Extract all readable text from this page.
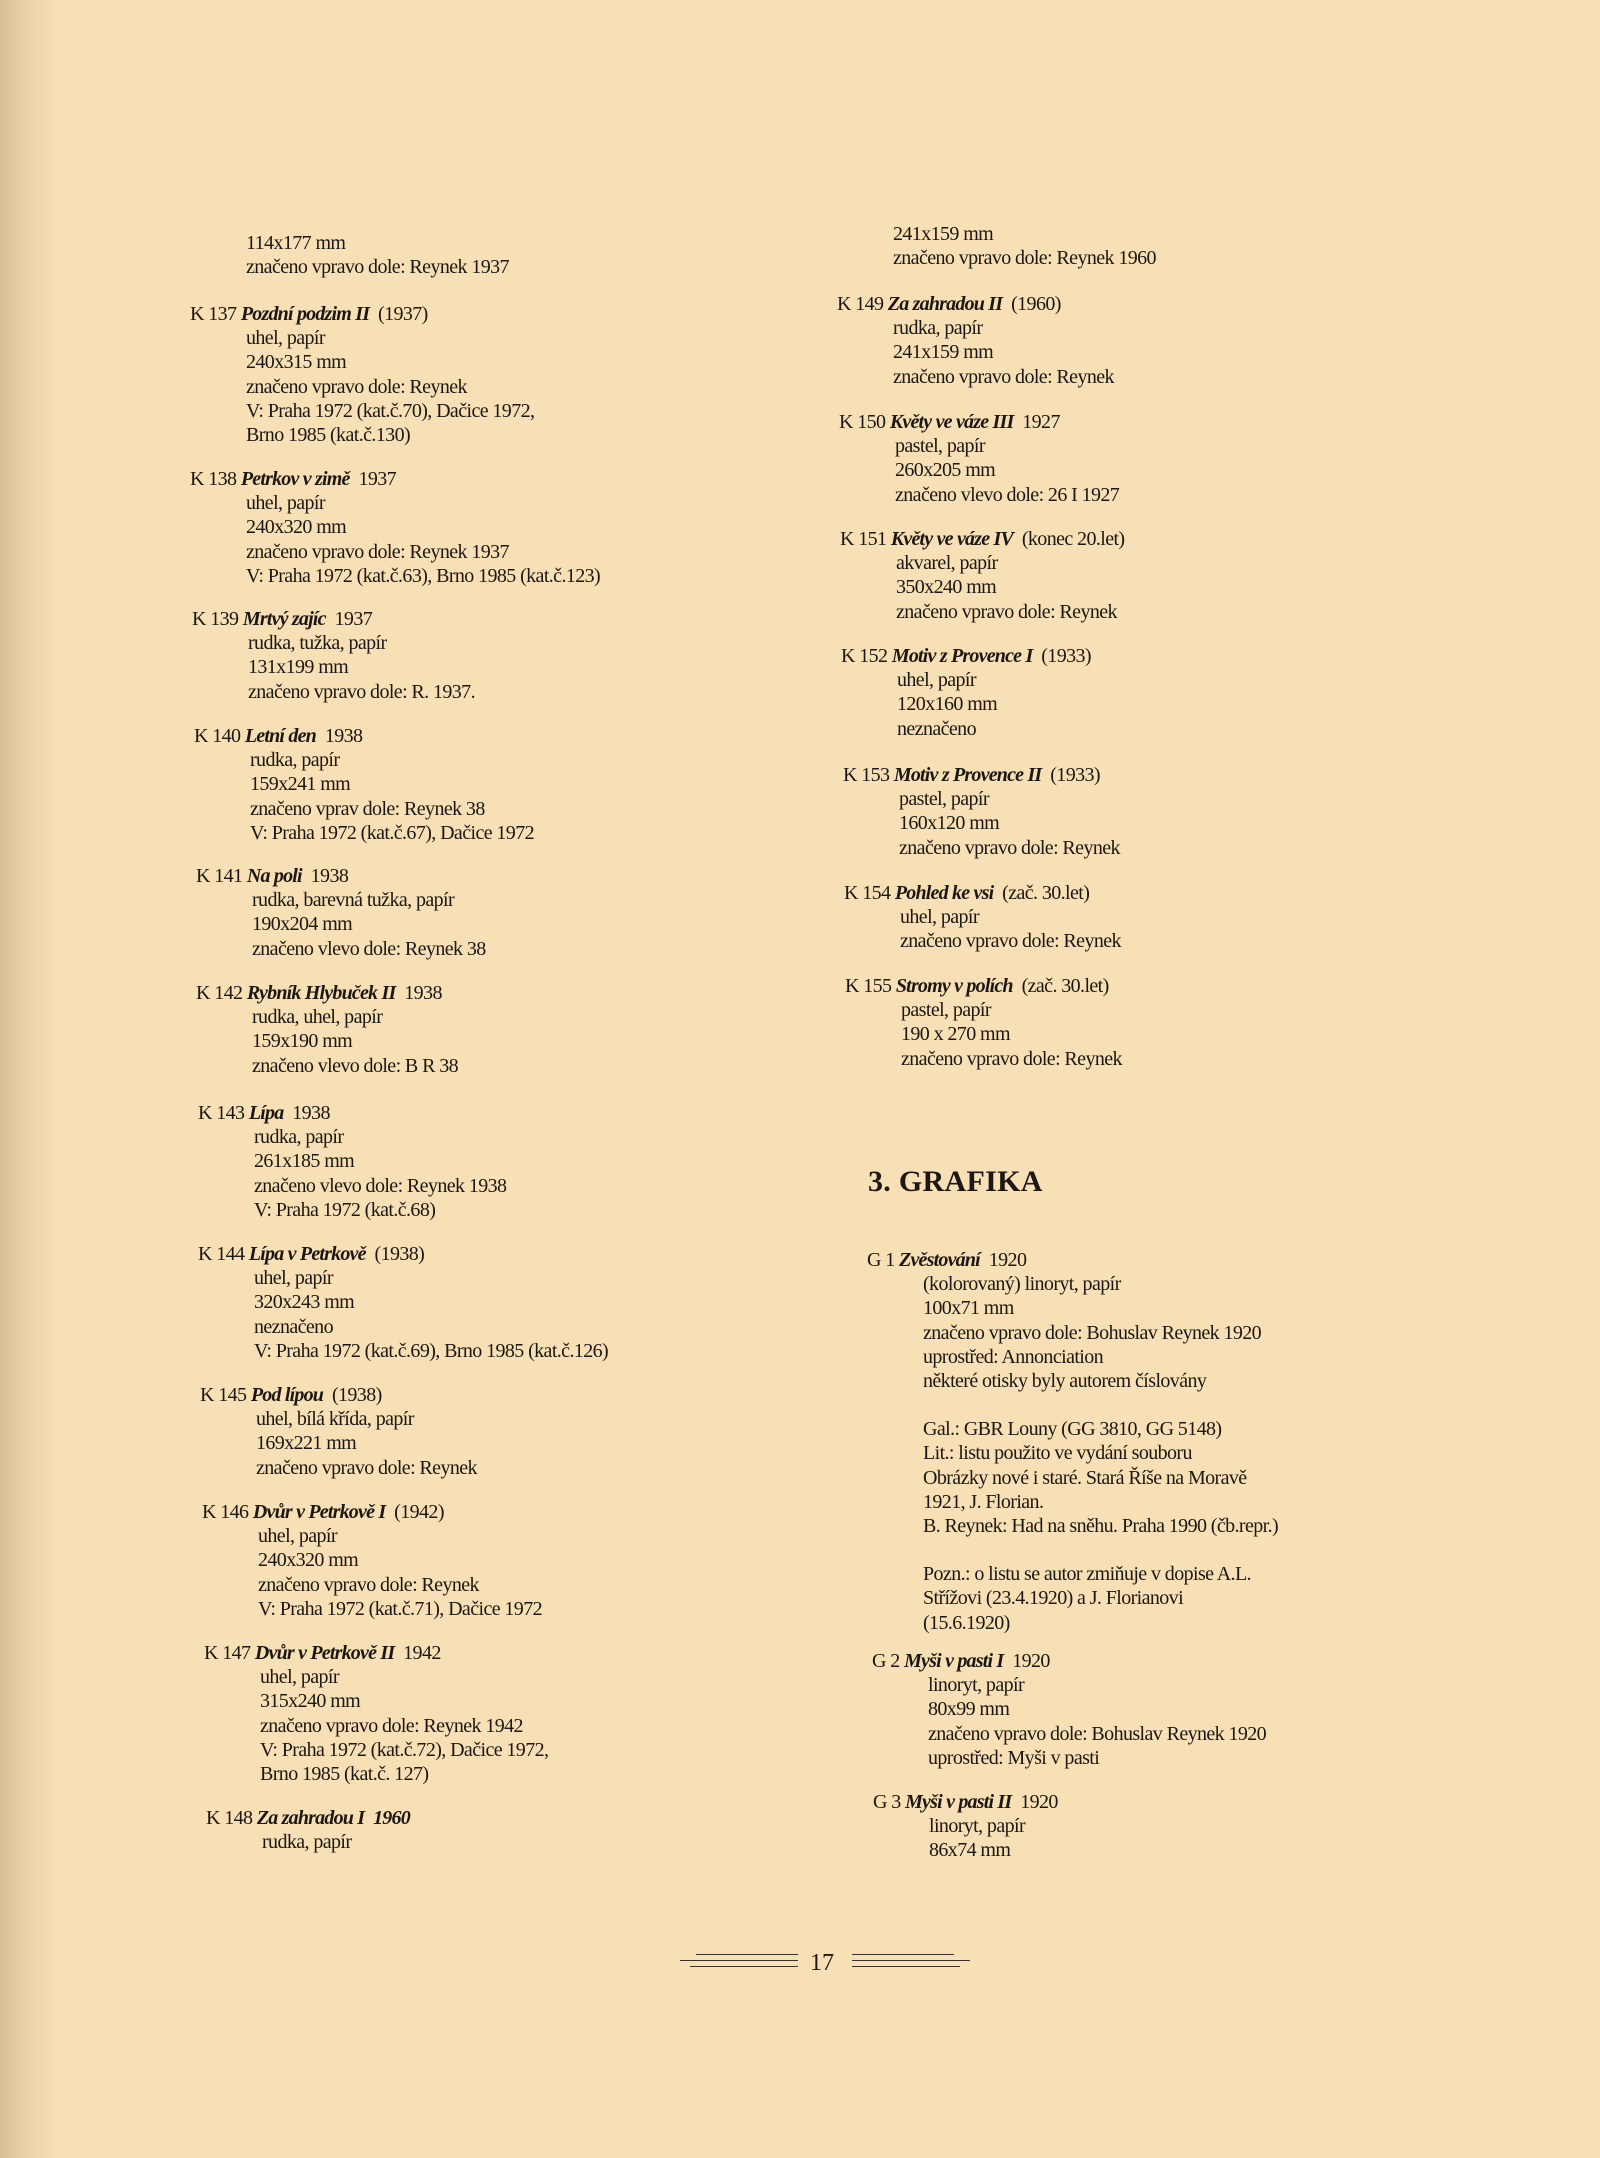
114x177 mm
značeno vpravo dole: Reynek 1937
K 137 Pozdní podzim II (1937)
uhel, papír
240x315 mm
značeno vpravo dole: Reynek
V: Praha 1972 (kat.č.70), Dačice 1972,
Brno 1985 (kat.č.130)
K 138 Petrkov v zimě 1937
uhel, papír
240x320 mm
značeno vpravo dole: Reynek 1937
V: Praha 1972 (kat.č.63), Brno 1985 (kat.č.123)
K 139 Mrtvý zajíc 1937
rudka, tužka, papír
131x199 mm
značeno vpravo dole: R. 1937.
K 140 Letní den 1938
rudka, papír
159x241 mm
značeno vprav dole: Reynek 38
V: Praha 1972 (kat.č.67), Dačice 1972
K 141 Na poli 1938
rudka, barevná tužka, papír
190x204 mm
značeno vlevo dole: Reynek 38
K 142 Rybník Hlybuček II 1938
rudka, uhel, papír
159x190 mm
značeno vlevo dole: B R 38
K 143 Lípa 1938
rudka, papír
261x185 mm
značeno vlevo dole: Reynek 1938
V: Praha 1972 (kat.č.68)
K 144 Lípa v Petrkově (1938)
uhel, papír
320x243 mm
neznačeno
V: Praha 1972 (kat.č.69), Brno 1985 (kat.č.126)
K 145 Pod lípou (1938)
uhel, bílá křída, papír
169x221 mm
značeno vpravo dole: Reynek
K 146 Dvůr v Petrkově I (1942)
uhel, papír
240x320 mm
značeno vpravo dole: Reynek
V: Praha 1972 (kat.č.71), Dačice 1972
K 147 Dvůr v Petrkově II 1942
uhel, papír
315x240 mm
značeno vpravo dole: Reynek 1942
V: Praha 1972 (kat.č.72), Dačice 1972,
Brno 1985 (kat.č. 127)
K 148 Za zahradou I 1960
rudka, papír
241x159 mm
značeno vpravo dole: Reynek 1960
K 149 Za zahradou II (1960)
rudka, papír
241x159 mm
značeno vpravo dole: Reynek
K 150 Květy ve váze III 1927
pastel, papír
260x205 mm
značeno vlevo dole: 26 I 1927
K 151 Květy ve váze IV (konec 20.let)
akvarel, papír
350x240 mm
značeno vpravo dole: Reynek
K 152 Motiv z Provence I (1933)
uhel, papír
120x160 mm
neznačeno
K 153 Motiv z Provence II (1933)
pastel, papír
160x120 mm
značeno vpravo dole: Reynek
K 154 Pohled ke vsi (zač. 30.let)
uhel, papír
značeno vpravo dole: Reynek
K 155 Stromy v polích (zač. 30.let)
pastel, papír
190 x 270 mm
značeno vpravo dole: Reynek
3. GRAFIKA
G 1 Zvěstování 1920
(kolorovaný) linoryt, papír
100x71 mm
značeno vpravo dole: Bohuslav Reynek 1920
uprostřed: Annonciation
některé otisky byly autorem číslovány
Gal.: GBR Louny (GG 3810, GG 5148)
Lit.: listu použito ve vydání souboru
Obrázky nové i staré. Stará Říše na Moravě
1921, J. Florian.
B. Reynek: Had na sněhu. Praha 1990 (čb.repr.)
Pozn.: o listu se autor zmiňuje v dopise A.L.
Střížovi (23.4.1920) a J. Florianovi
(15.6.1920)
G 2 Myši v pasti I 1920
linoryt, papír
80x99 mm
značeno vpravo dole: Bohuslav Reynek 1920
uprostřed: Myši v pasti
G 3 Myši v pasti II 1920
linoryt, papír
86x74 mm
17
